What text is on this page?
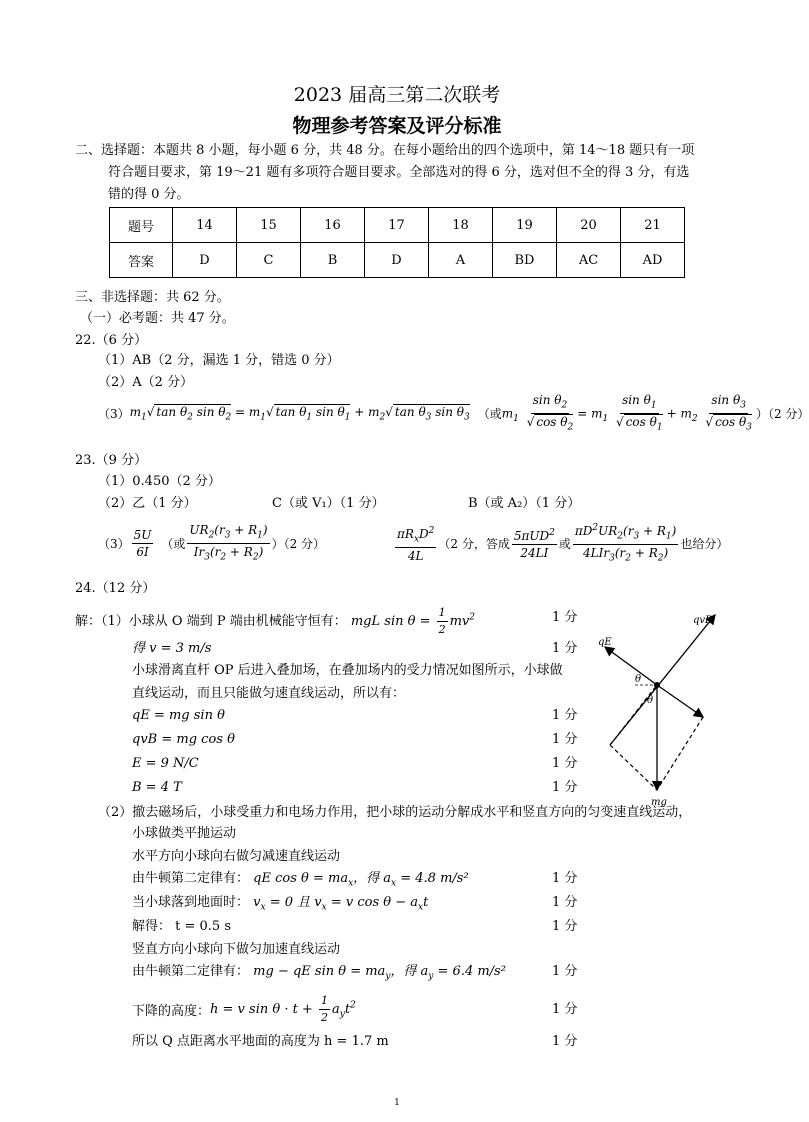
2023 届高三第二次联考
物理参考答案及评分标准
二、选择题：本题共 8 小题，每小题 6 分，共 48 分。在每小题给出的四个选项中，第 14～18 题只有一项
符合题目要求，第 19～21 题有多项符合题目要求。全部选对的得 6 分，选对但不全的得 3 分，有选
错的得 0 分。
题号	14	15	16	17	18	19	20	21
答案	D	C	B	D	A	BD	AC	AD
三、非选择题：共 62 分。
（一）必考题：共 47 分。
22.（6 分）
（1）AB（2 分，漏选 1 分，错选 0 分）
（2）A（2 分）
（3） $m_1√$ $\tan \theta_2$ $\sin \theta_2 = m_1√$ $\tan \theta_1$ $\sin \theta_1 + m_2√$ $\tan \theta_3$ $\sin \theta_3$ （或 $m_1 \frac{\sin \theta_2}{√ \cos \theta_2} = m_1 \frac{\sin \theta_1}{√ \cos \theta_1} + m_2 \frac{\sin \theta_3}{√ \cos \theta_3} )(2$ 分）
23.（9 分）
（1）0.450（2 分）
（2）乙（1 分）	C（或 V₁）（1 分）	B（或 A₂）（1 分）
$(3) \frac{5U}{6I}$ （或 $\frac{UR_2(r_3 + R_1)}{Ir_3(r_2 + R_2)} )(2$ 分）	$\frac{\pi R_xD^2}{4L} (2$ 分，答成 $\frac{5\pi UD^2}{24LI}$ 或 $\frac{\pi D^2UR_2(r_3 + R_1)}{4LIr_3(r_2 + R_2)}$ 也给分）
24.（12 分）
解：（1）小球从 O 端到 P 端由机械能守恒有： mgL $\sin \theta = \frac{1}{2} mv^2$	1 分
得 v = 3 m/s	1 分
小球滑离直杆 OP 后进入叠加场，在叠加场内的受力情况如图所示，小球做
直线运动，而且只能做匀速直线运动，所以有：
qE = mg sin θ	1 分
qvB = mg cos θ	1 分
E = 9 N/C	1 分
B = 4 T	1 分
qvB
qE
θ
θ
mg
（2）撤去磁场后，小球受重力和电场力作用，把小球的运动分解成水平和竖直方向的匀变速直线运动，
小球做类平抛运动
水平方向小球向右做匀减速直线运动
由牛顿第二定律有： qE $\cos \theta = ma_x$，得 $a_x = 4.8$ m/s²	1 分
当小球落到地面时： $v_x = 0$ 且 $v_x = v$ $\cos \theta - a_xt$	1 分
解得： t = 0.5 s	1 分
竖直方向小球向下做匀加速直线运动
由牛顿第二定律有： mg − qE $\sin \theta = ma_y$，得 $a_y = 6.4$ m/s²	1 分
下降的高度： h = v $\sin \theta \cdot t + \frac{1}{2} a_yt^2$	1 分
所以 Q 点距离水平地面的高度为 h = 1.7 m	1 分
1
